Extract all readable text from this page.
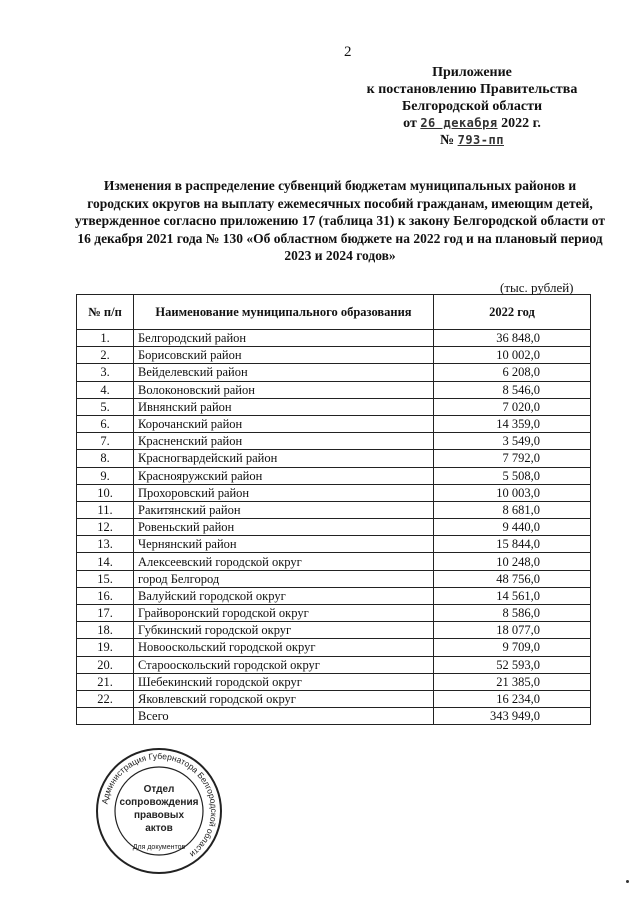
2
Приложение
к постановлению Правительства
Белгородской области
от 26 декабря 2022 г.
№ 793-пп
Изменения в распределение субвенций бюджетам муниципальных районов и городских округов на выплату ежемесячных пособий гражданам, имеющим детей, утвержденное согласно приложению 17 (таблица 31) к закону Белгородской области от 16 декабря 2021 года № 130 «Об областном бюджете на 2022 год и на плановый период 2023 и 2024 годов»
(тыс. рублей)
№ п/п	Наименование муниципального образования	2022 год
1.	Белгородский район	36 848,0
2.	Борисовский район	10 002,0
3.	Вейделевский район	6 208,0
4.	Волоконовский район	8 546,0
5.	Ивнянский район	7 020,0
6.	Корочанский район	14 359,0
7.	Красненский район	3 549,0
8.	Красногвардейский район	7 792,0
9.	Краснояружский район	5 508,0
10.	Прохоровский район	10 003,0
11.	Ракитянский район	8 681,0
12.	Ровеньский район	9 440,0
13.	Чернянский район	15 844,0
14.	Алексеевский городской округ	10 248,0
15.	город Белгород	48 756,0
16.	Валуйский городской округ	14 561,0
17.	Грайворонский городской округ	8 586,0
18.	Губкинский городской округ	18 077,0
19.	Новооскольский городской округ	9 709,0
20.	Старооскольский городской округ	52 593,0
21.	Шебекинский городской округ	21 385,0
22.	Яковлевский городской округ	16 234,0
	Всего	343 949,0
Администрация Губернатора Белгородской области
Отдел
сопровождения
правовых
актов
Для документов
